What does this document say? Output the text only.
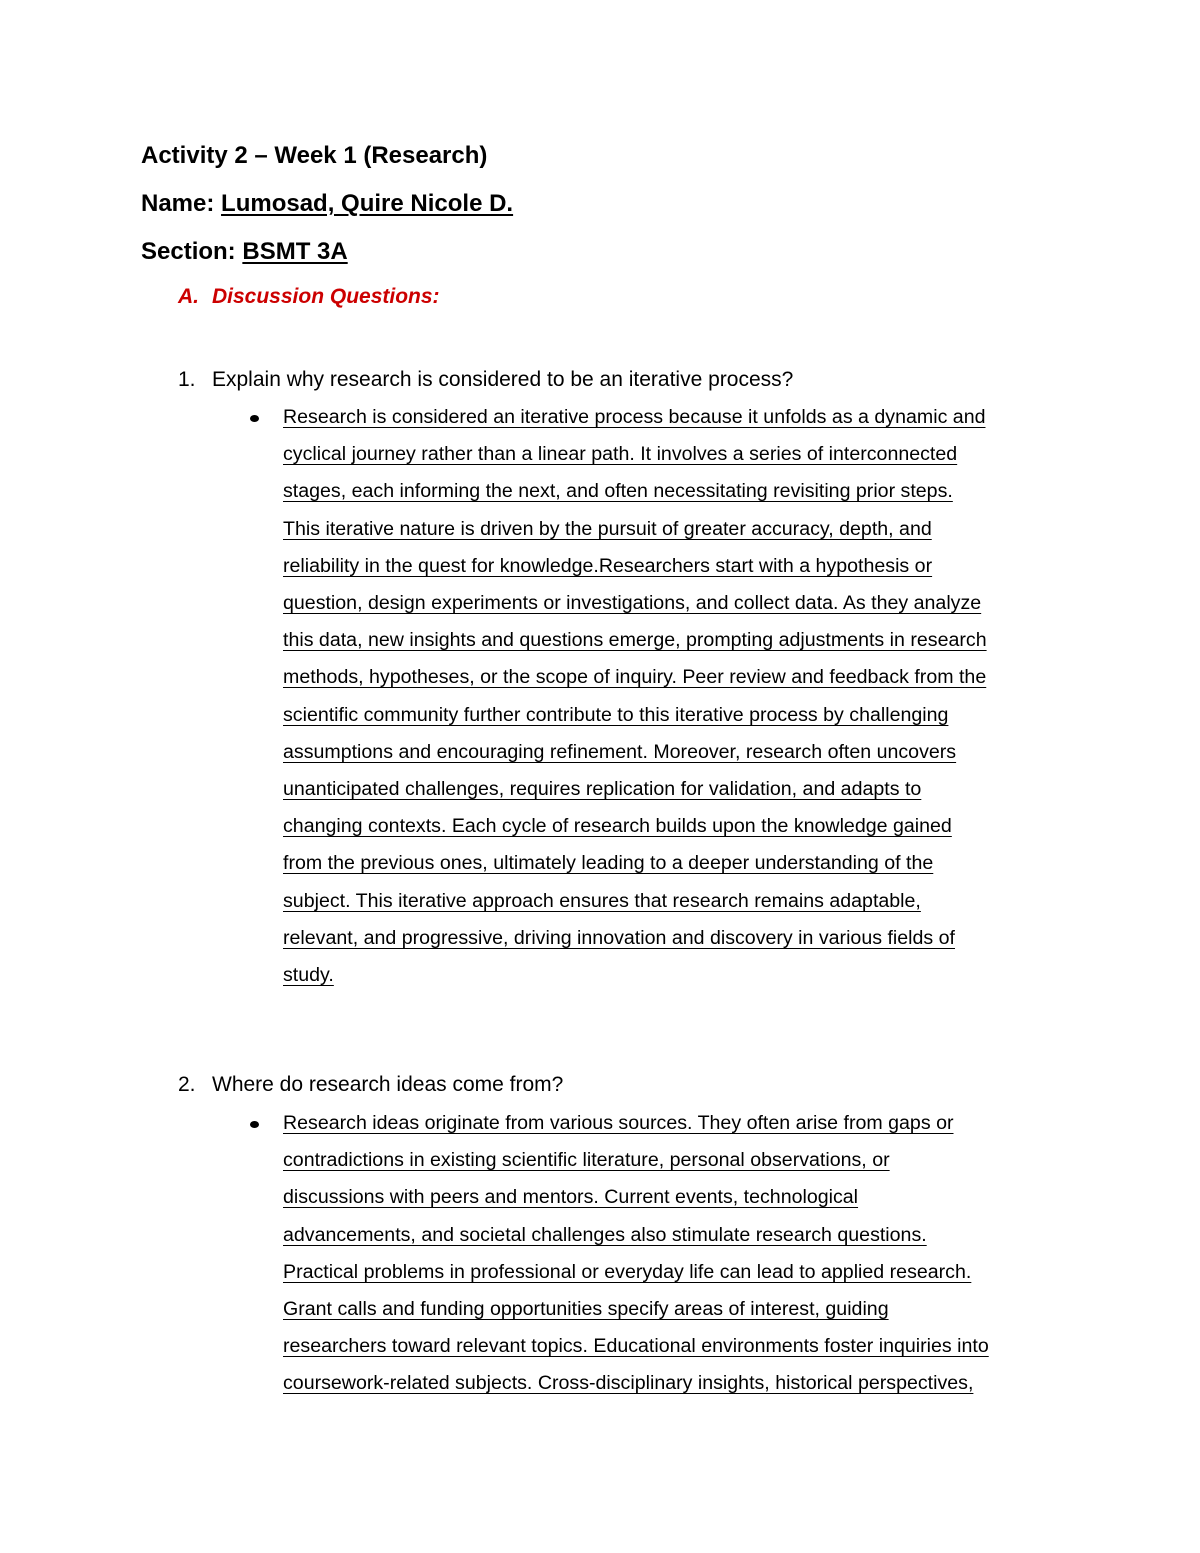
Activity 2 – Week 1 (Research)
Name: Lumosad, Quire Nicole D.
Section: BSMT 3A
A. Discussion Questions:
1. Explain why research is considered to be an iterative process?
Research is considered an iterative process because it unfolds as a dynamic and
cyclical journey rather than a linear path. It involves a series of interconnected
stages, each informing the next, and often necessitating revisiting prior steps.
This iterative nature is driven by the pursuit of greater accuracy, depth, and
reliability in the quest for knowledge.Researchers start with a hypothesis or
question, design experiments or investigations, and collect data. As they analyze
this data, new insights and questions emerge, prompting adjustments in research
methods, hypotheses, or the scope of inquiry. Peer review and feedback from the
scientific community further contribute to this iterative process by challenging
assumptions and encouraging refinement. Moreover, research often uncovers
unanticipated challenges, requires replication for validation, and adapts to
changing contexts. Each cycle of research builds upon the knowledge gained
from the previous ones, ultimately leading to a deeper understanding of the
subject. This iterative approach ensures that research remains adaptable,
relevant, and progressive, driving innovation and discovery in various fields of
study.
2. Where do research ideas come from?
Research ideas originate from various sources. They often arise from gaps or
contradictions in existing scientific literature, personal observations, or
discussions with peers and mentors. Current events, technological
advancements, and societal challenges also stimulate research questions.
Practical problems in professional or everyday life can lead to applied research.
Grant calls and funding opportunities specify areas of interest, guiding
researchers toward relevant topics. Educational environments foster inquiries into
coursework-related subjects. Cross-disciplinary insights, historical perspectives,
